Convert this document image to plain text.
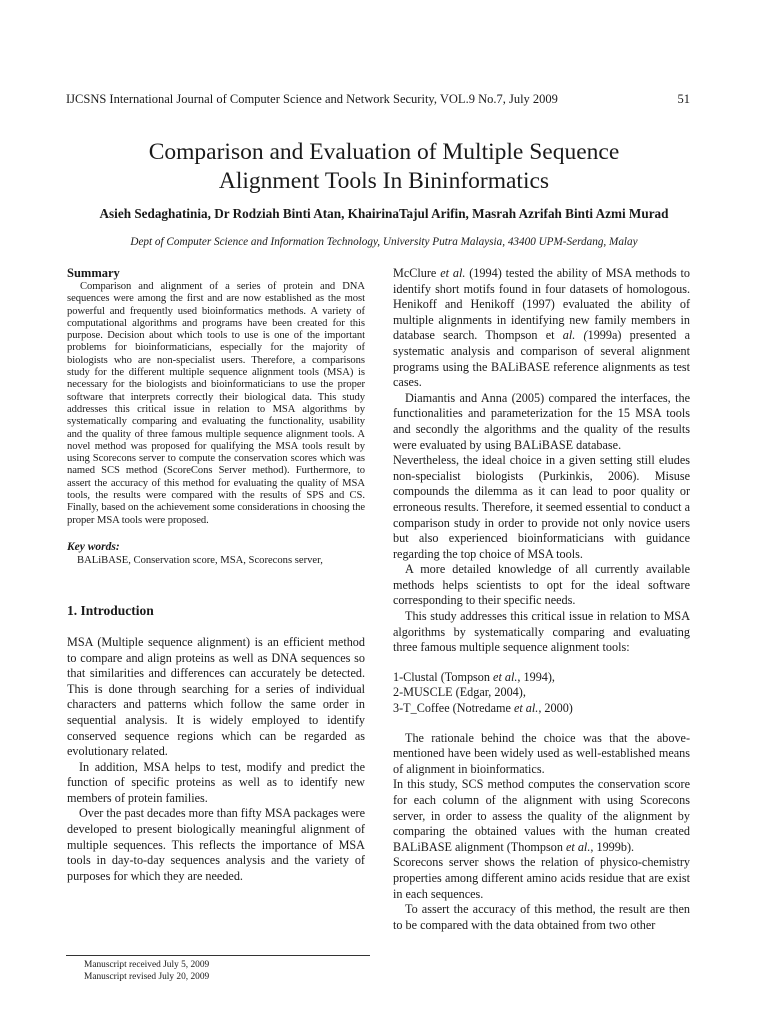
IJCSNS International Journal of Computer Science and Network Security, VOL.9 No.7, July 2009	51
Comparison and Evaluation of Multiple Sequence
Alignment Tools In Bininformatics
Asieh Sedaghatinia, Dr Rodziah Binti Atan, KhairinaTajul Arifin, Masrah Azrifah Binti Azmi Murad
Dept of Computer Science and Information Technology, University Putra Malaysia, 43400 UPM-Serdang, Malay
Summary

Comparison and alignment of a series of protein and DNA sequences were among the first and are now established as the most powerful and frequently used bioinformatics methods. A variety of computational algorithms and programs have been created for this purpose. Decision about which tools to use is one of the important problems for bioinformaticians, especially for the majority of biologists who are non-specialist users. Therefore, a comparisons study for the different multiple sequence alignment tools (MSA) is necessary for the biologists and bioinformaticians to use the proper software that interprets correctly their biological data. This study addresses this critical issue in relation to MSA algorithms by systematically comparing and evaluating the functionality, usability and the quality of three famous multiple sequence alignment tools. A novel method was proposed for qualifying the MSA tools result by using Scorecons server to compute the conservation scores which was named SCS method (ScoreCons Server method). Furthermore, to assert the accuracy of this method for evaluating the quality of MSA tools, the results were compared with the results of SPS and CS. Finally, based on the achievement some considerations in choosing the proper MSA tools were proposed.

Key words:

BALiBASE, Conservation score, MSA, Scorecons server,

1. Introduction

MSA (Multiple sequence alignment) is an efficient method to compare and align proteins as well as DNA sequences so that similarities and differences can accurately be detected. This is done through searching for a series of individual characters and patterns which follow the same order in sequential analysis. It is widely employed to identify conserved sequence regions which can be regarded as evolutionary related.

In addition, MSA helps to test, modify and predict the function of specific proteins as well as to identify new members of protein families.

Over the past decades more than fifty MSA packages were developed to present biologically meaningful alignment of multiple sequences. This reflects the importance of MSA tools in day-to-day sequences analysis and the variety of purposes for which they are needed.

McClure et al. (1994) tested the ability of MSA methods to identify short motifs found in four datasets of homologous. Henikoff and Henikoff (1997) evaluated the ability of multiple alignments in identifying new family members in database search. Thompson et al. (1999a) presented a systematic analysis and comparison of several alignment programs using the BALiBASE reference alignments as test cases.

Diamantis and Anna (2005) compared the interfaces, the functionalities and parameterization for the 15 MSA tools and secondly the algorithms and the quality of the results were evaluated by using BALiBASE database.

Nevertheless, the ideal choice in a given setting still eludes non-specialist biologists (Purkinkis, 2006). Misuse compounds the dilemma as it can lead to poor quality or erroneous results. Therefore, it seemed essential to conduct a comparison study in order to provide not only novice users but also experienced bioinformaticians with guidance regarding the top choice of MSA tools.

A more detailed knowledge of all currently available methods helps scientists to opt for the ideal software corresponding to their specific needs.

This study addresses this critical issue in relation to MSA algorithms by systematically comparing and evaluating three famous multiple sequence alignment tools:

1-Clustal (Tompson et al., 1994),
2-MUSCLE (Edgar, 2004),
3-T_Coffee (Notredame et al., 2000)

The rationale behind the choice was that the above-mentioned have been widely used as well-established means of alignment in bioinformatics.

In this study, SCS method computes the conservation score for each column of the alignment with using Scorecons server, in order to assess the quality of the alignment by comparing the obtained values with the human created BALiBASE alignment (Thompson et al., 1999b).

Scorecons server shows the relation of physico-chemistry properties among different amino acids residue that are exist in each sequences.

To assert the accuracy of this method, the result are then to be compared with the data obtained from two other

Manuscript received July 5, 2009
Manuscript revised July 20, 2009
